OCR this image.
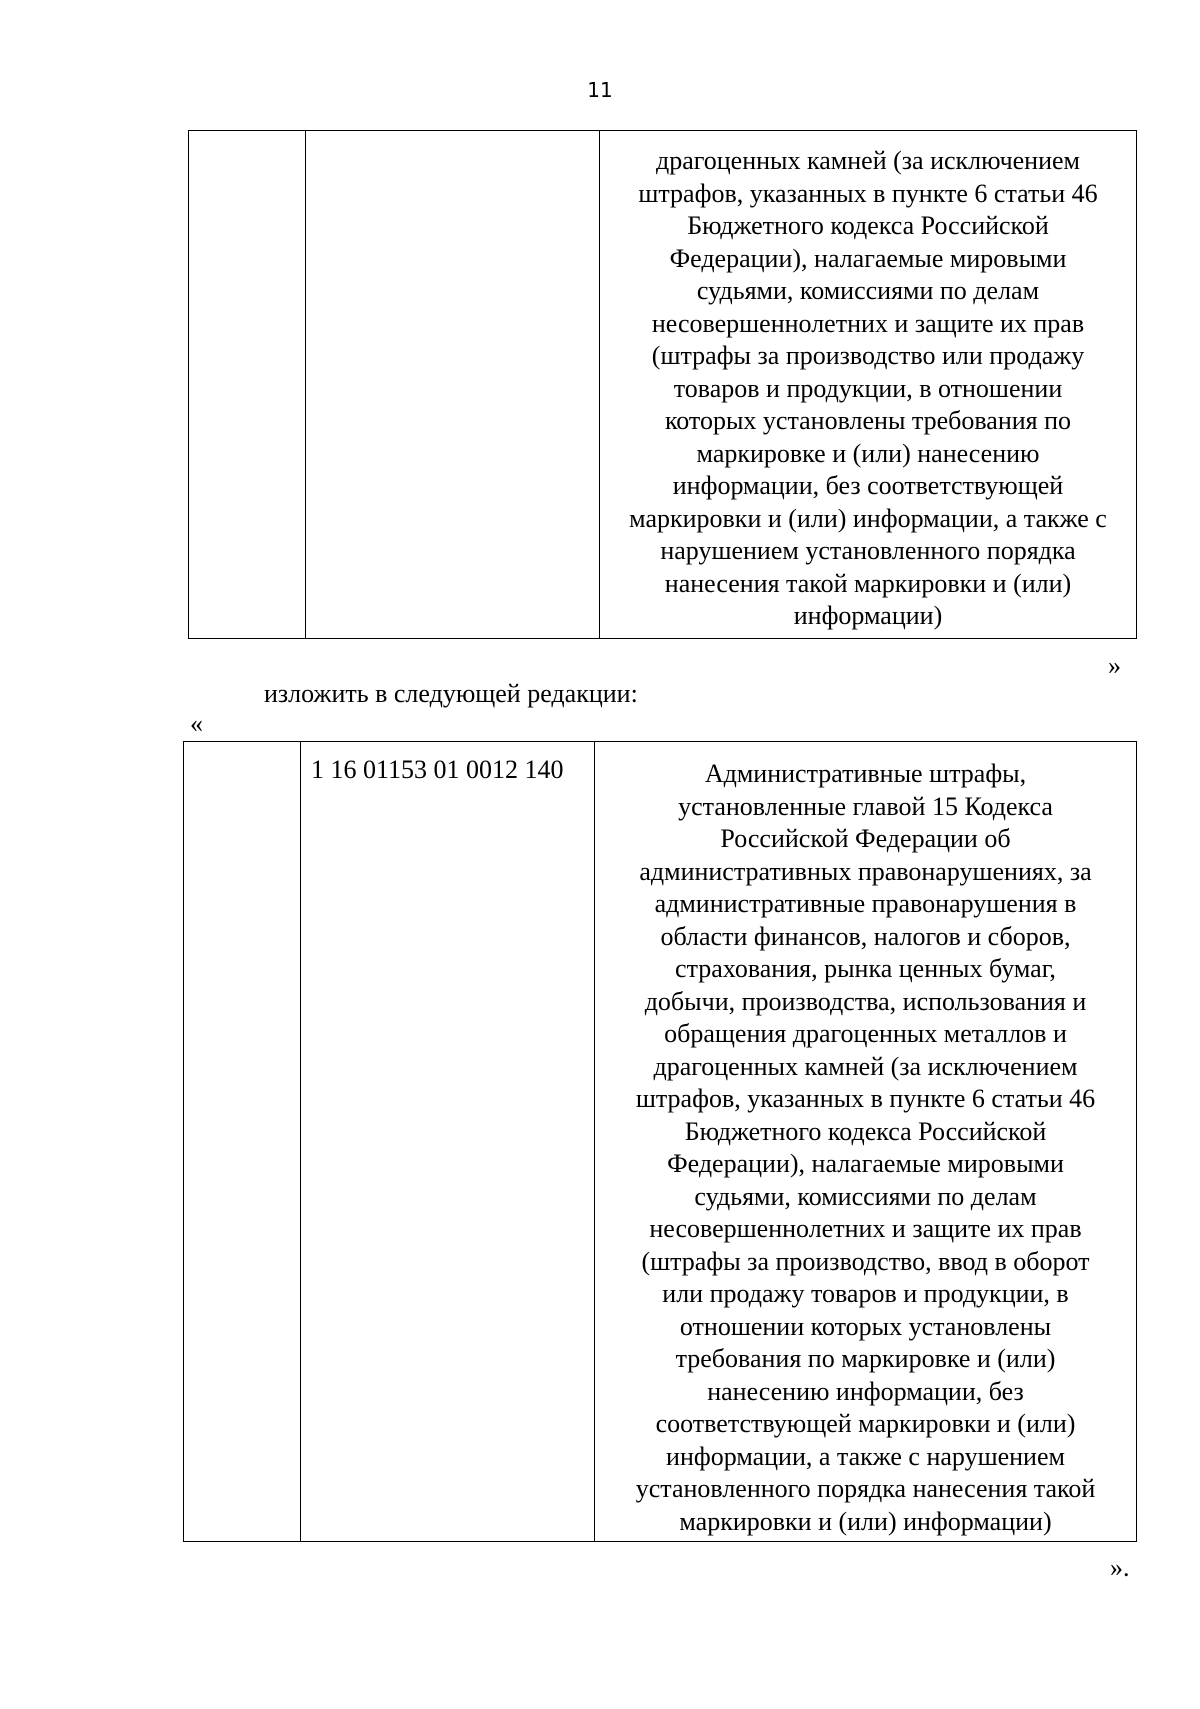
11
драгоценных камней (за исключением
штрафов, указанных в пункте 6 статьи 46
Бюджетного кодекса Российской
Федерации), налагаемые мировыми
судьями, комиссиями по делам
несовершеннолетних и защите их прав
(штрафы за производство или продажу
товаров и продукции, в отношении
которых установлены требования по
маркировке и (или) нанесению
информации, без соответствующей
маркировки и (или) информации, а также с
нарушением установленного порядка
нанесения такой маркировки и (или)
информации)
»
изложить в следующей редакции:
«
1 16 01153 01 0012 140	Административные штрафы,
установленные главой 15 Кодекса
Российской Федерации об
административных правонарушениях, за
административные правонарушения в
области финансов, налогов и сборов,
страхования, рынка ценных бумаг,
добычи, производства, использования и
обращения драгоценных металлов и
драгоценных камней (за исключением
штрафов, указанных в пункте 6 статьи 46
Бюджетного кодекса Российской
Федерации), налагаемые мировыми
судьями, комиссиями по делам
несовершеннолетних и защите их прав
(штрафы за производство, ввод в оборот
или продажу товаров и продукции, в
отношении которых установлены
требования по маркировке и (или)
нанесению информации, без
соответствующей маркировки и (или)
информации, а также с нарушением
установленного порядка нанесения такой
маркировки и (или) информации)
».
